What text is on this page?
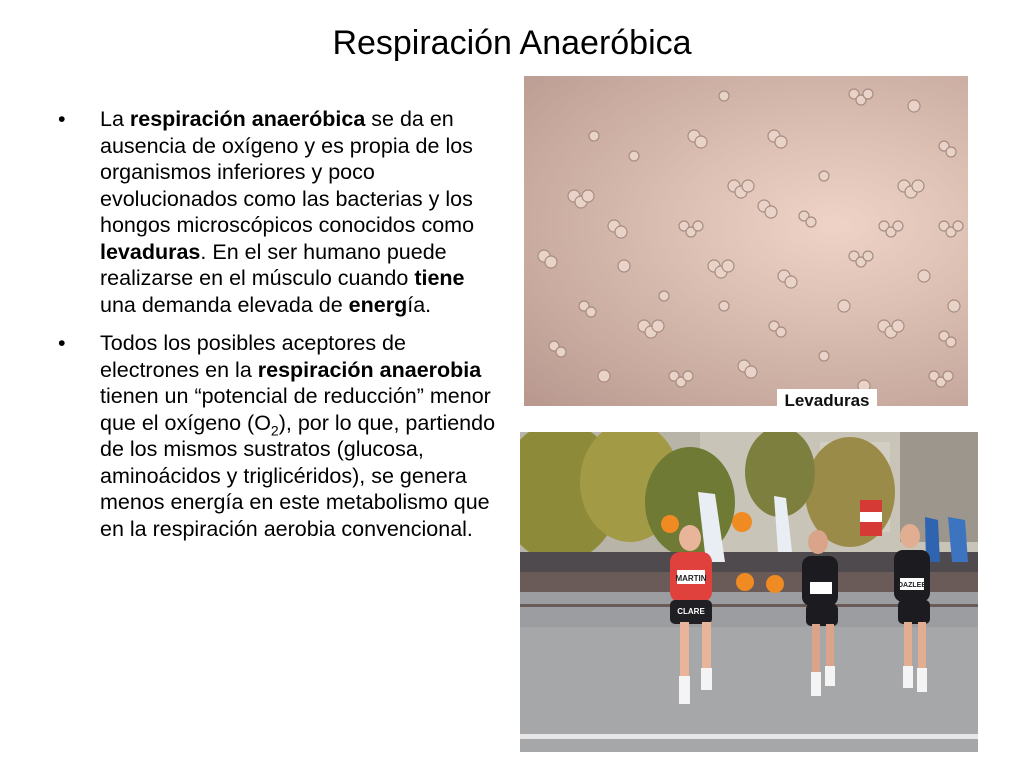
Respiración Anaeróbica
•	La respiración anaeróbica se da en ausencia de oxígeno y es propia de los organismos inferiores y poco evolucionados como las bacterias y los hongos microscópicos conocidos como levaduras. En el ser humano puede realizarse en el músculo cuando tiene una demanda elevada de energía.
•	Todos los posibles aceptores de electrones en la respiración anaerobia tienen un “potencial de reducción” menor que el oxígeno $(O_2)$, por lo que, partiendo de los mismos sustratos (glucosa, aminoácidos y triglicéridos), se genera menos energía en este metabolismo que en la respiración aerobia convencional.
Levaduras
MARTIN
CLARE
DAZLEE
